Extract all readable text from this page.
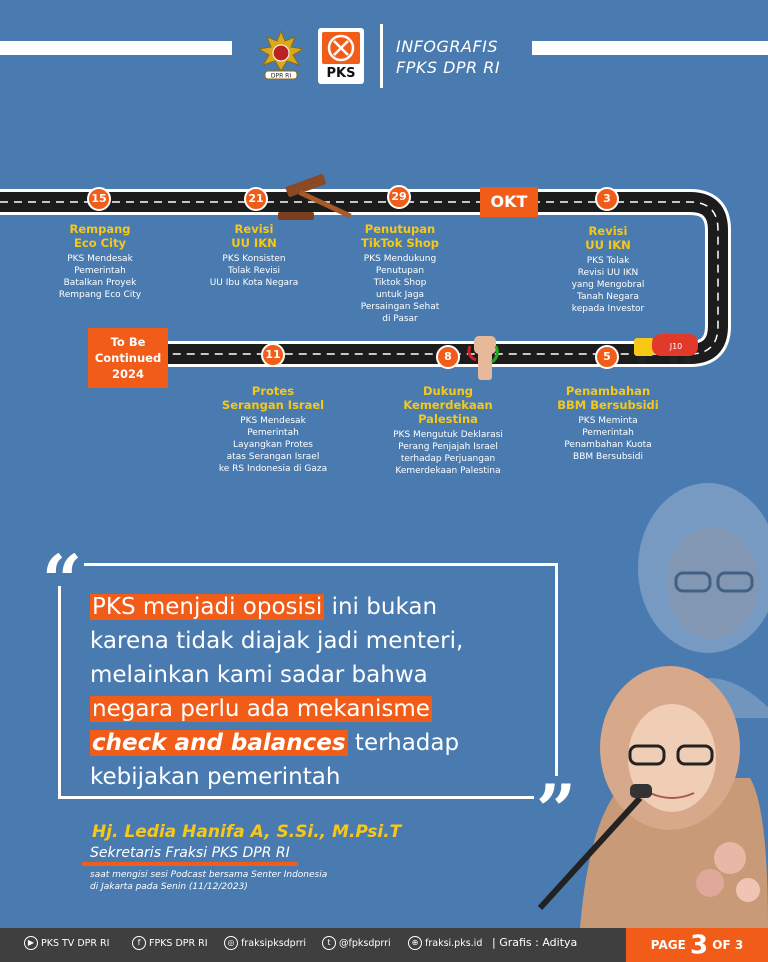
DPR RI	PKS
INFOGRAFIS
FPKS DPR RI
J10
15	21	29	3
OKT
11	8	5
To Be
Continued
2024
Rempang
Eco City
PKS Mendesak
Pemerintah
Batalkan Proyek
Rempang Eco City
Revisi
UU IKN
PKS Konsisten
Tolak Revisi
UU Ibu Kota Negara
Penutupan
TikTok Shop
PKS Mendukung
Penutupan
Tiktok Shop
untuk Jaga
Persaingan Sehat
di Pasar
Revisi
UU IKN
PKS Tolak
Revisi UU IKN
yang Mengobral
Tanah Negara
kepada Investor
Protes
Serangan Israel
PKS Mendesak
Pemerintah
Layangkan Protes
atas Serangan Israel
ke RS Indonesia di Gaza
Dukung
Kemerdekaan
Palestina
PKS Mengutuk Deklarasi
Perang Penjajah Israel
terhadap Perjuangan
Kemerdekaan Palestina
Penambahan
BBM Bersubsidi
PKS Meminta
Pemerintah
Penambahan Kuota
BBM Bersubsidi
“
”
PKS menjadi oposisi ini bukan
karena tidak diajak jadi menteri,
melainkan kami sadar bahwa
negara perlu ada mekanisme
check and balances terhadap
kebijakan pemerintah
Hj. Ledia Hanifa A, S.Si., M.Psi.T
Sekretaris Fraksi PKS DPR RI
saat mengisi sesi Podcast bersama Senter Indonesia
di Jakarta pada Senin (11/12/2023)
▶ PKS TV DPR RI	f FPKS DPR RI	◎ fraksipksdprri	t @fpksdprri	⊕ fraksi.pks.id | Grafis : Aditya	PAGE 3 OF 3
